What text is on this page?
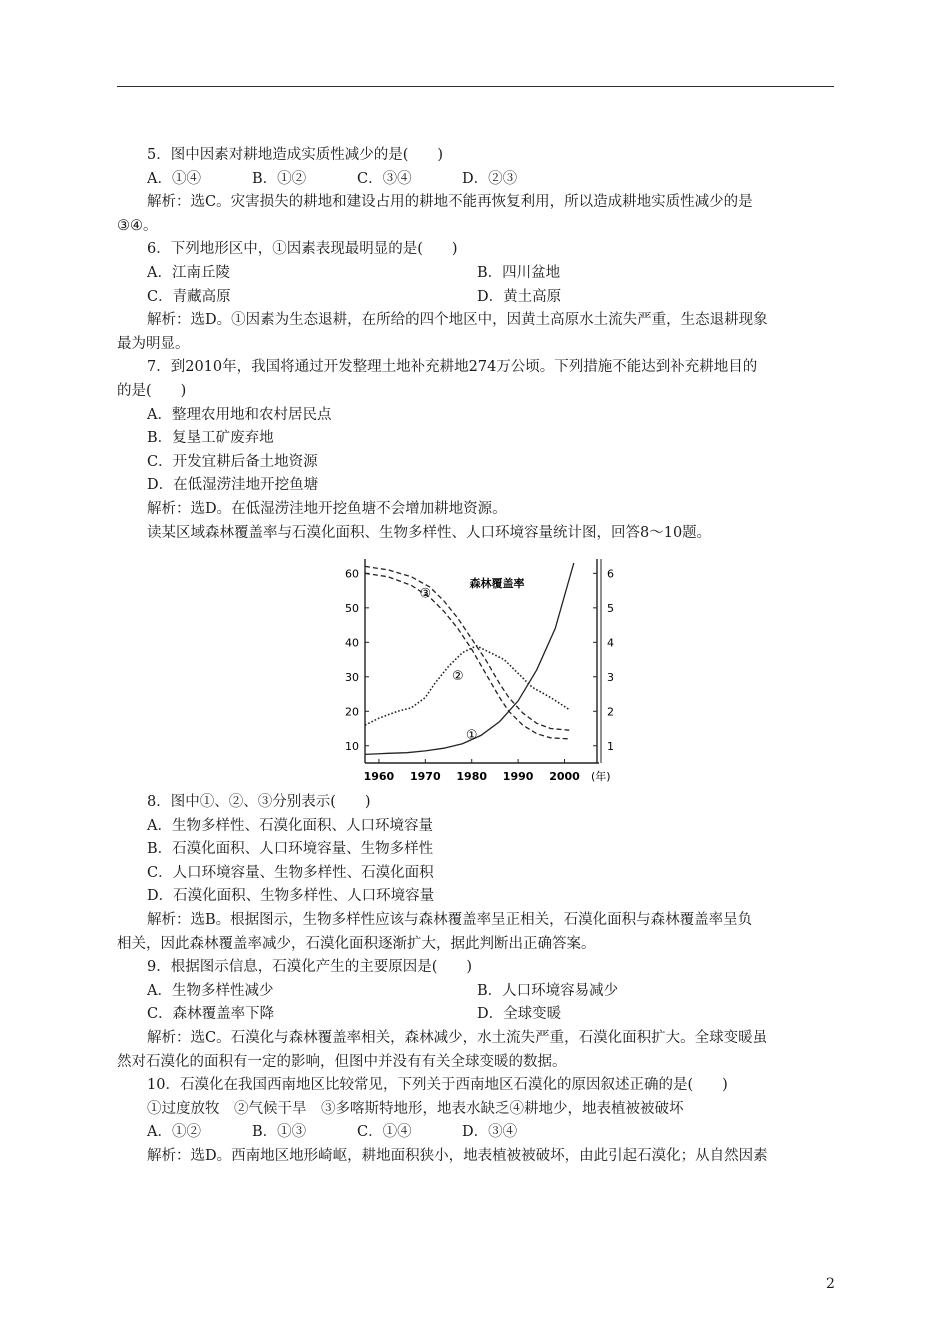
5．图中因素对耕地造成实质性减少的是(　　)
A．①④	B．①②	C．③④	D．②③
解析：选C。灾害损失的耕地和建设占用的耕地不能再恢复利用，所以造成耕地实质性减少的是
③④。
6．下列地形区中，①因素表现最明显的是(　　)
A．江南丘陵	B．四川盆地
C．青藏高原	D．黄土高原
解析：选D。①因素为生态退耕，在所给的四个地区中，因黄土高原水土流失严重，生态退耕现象
最为明显。
7．到2010年，我国将通过开发整理土地补充耕地274万公顷。下列措施不能达到补充耕地目的
的是(　　)
A．整理农用地和农村居民点
B．复垦工矿废弃地
C．开发宜耕后备土地资源
D．在低湿涝洼地开挖鱼塘
解析：选D。在低湿涝洼地开挖鱼塘不会增加耕地资源。
读某区域森林覆盖率与石漠化面积、生物多样性、人口环境容量统计图，回答8～10题。
10
20
30
40
50
60
1
2
3
4
5
6
1960 1970 1980 1990 2000 (年)
森林覆盖率
①
②
③
8．图中①、②、③分别表示(　　)
A．生物多样性、石漠化面积、人口环境容量
B．石漠化面积、人口环境容量、生物多样性
C．人口环境容量、生物多样性、石漠化面积
D．石漠化面积、生物多样性、人口环境容量
解析：选B。根据图示，生物多样性应该与森林覆盖率呈正相关，石漠化面积与森林覆盖率呈负
相关，因此森林覆盖率减少，石漠化面积逐渐扩大，据此判断出正确答案。
9．根据图示信息，石漠化产生的主要原因是(　　)
A．生物多样性减少	B．人口环境容易减少
C．森林覆盖率下降	D．全球变暖
解析：选C。石漠化与森林覆盖率相关，森林减少，水土流失严重，石漠化面积扩大。全球变暖虽
然对石漠化的面积有一定的影响，但图中并没有有关全球变暖的数据。
10．石漠化在我国西南地区比较常见，下列关于西南地区石漠化的原因叙述正确的是(　　)
①过度放牧　②气候干旱　③多喀斯特地形，地表水缺乏④耕地少，地表植被被破坏
A．①②	B．①③	C．①④	D．③④
解析：选D。西南地区地形崎岖，耕地面积狭小，地表植被被破坏，由此引起石漠化；从自然因素
2
